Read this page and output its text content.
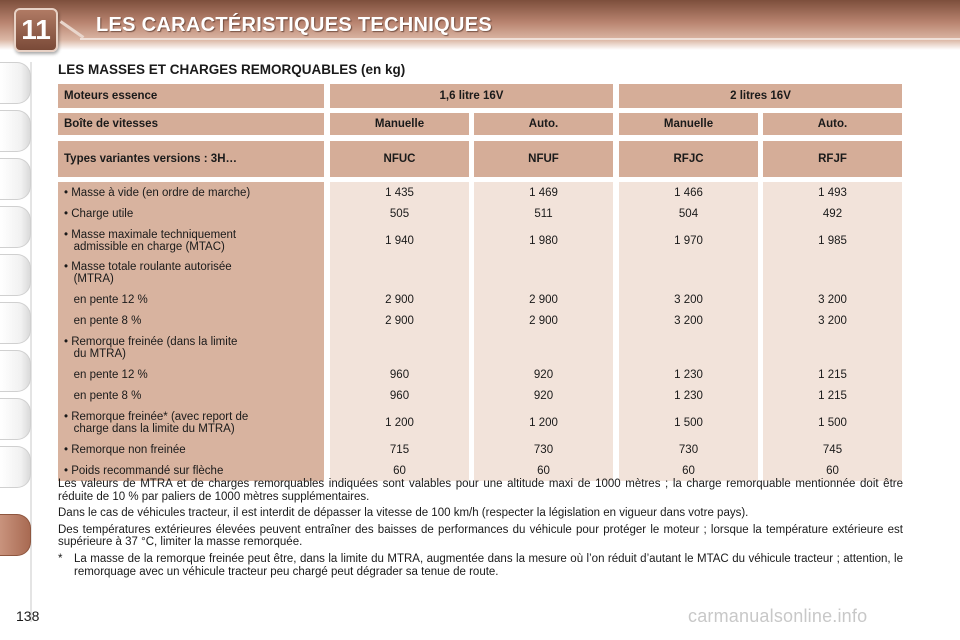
11	LES CARACTÉRISTIQUES TECHNIQUES
LES MASSES ET CHARGES REMORQUABLES (en kg)
Moteurs essence	1,6 litre 16V	2 litres 16V
Boîte de vitesses	Manuelle	Auto.	Manuelle	Auto.
Types variantes versions : 3H…	NFUC	NFUF	RFJC	RFJF
• Masse à vide (en ordre de marche)	1 435	1 469	1 466	1 493
• Charge utile	505	511	504	492
• Masse maximale techniquement
admissible en charge (MTAC)	1 940	1 980	1 970	1 985
• Masse totale roulante autorisée
(MTRA)
en pente 12 %	2 900	2 900	3 200	3 200
en pente 8 %	2 900	2 900	3 200	3 200
• Remorque freinée (dans la limite
du MTRA)
en pente 12 %	960	920	1 230	1 215
en pente 8 %	960	920	1 230	1 215
• Remorque freinée* (avec report de
charge dans la limite du MTRA)	1 200	1 200	1 500	1 500
• Remorque non freinée	715	730	730	745
• Poids recommandé sur flèche	60	60	60	60

Les valeurs de MTRA et de charges remorquables indiquées sont valables pour une altitude maxi de 1000 mètres ; la charge remorquable mentionnée doit être réduite de 10 % par paliers de 1000 mètres supplémentaires.

Dans le cas de véhicules tracteur, il est interdit de dépasser la vitesse de 100 km/h (respecter la législation en vigueur dans votre pays).

Des températures extérieures élevées peuvent entraîner des baisses de performances du véhicule pour protéger le moteur ; lorsque la température extérieure est supérieure à 37 °C, limiter la masse remorquée.

*	La masse de la remorque freinée peut être, dans la limite du MTRA, augmentée dans la mesure où l’on réduit d’autant le MTAC du véhicule tracteur ; attention, le remorquage avec un véhicule tracteur peu chargé peut dégrader sa tenue de route.
138	carmanualsonline.info
